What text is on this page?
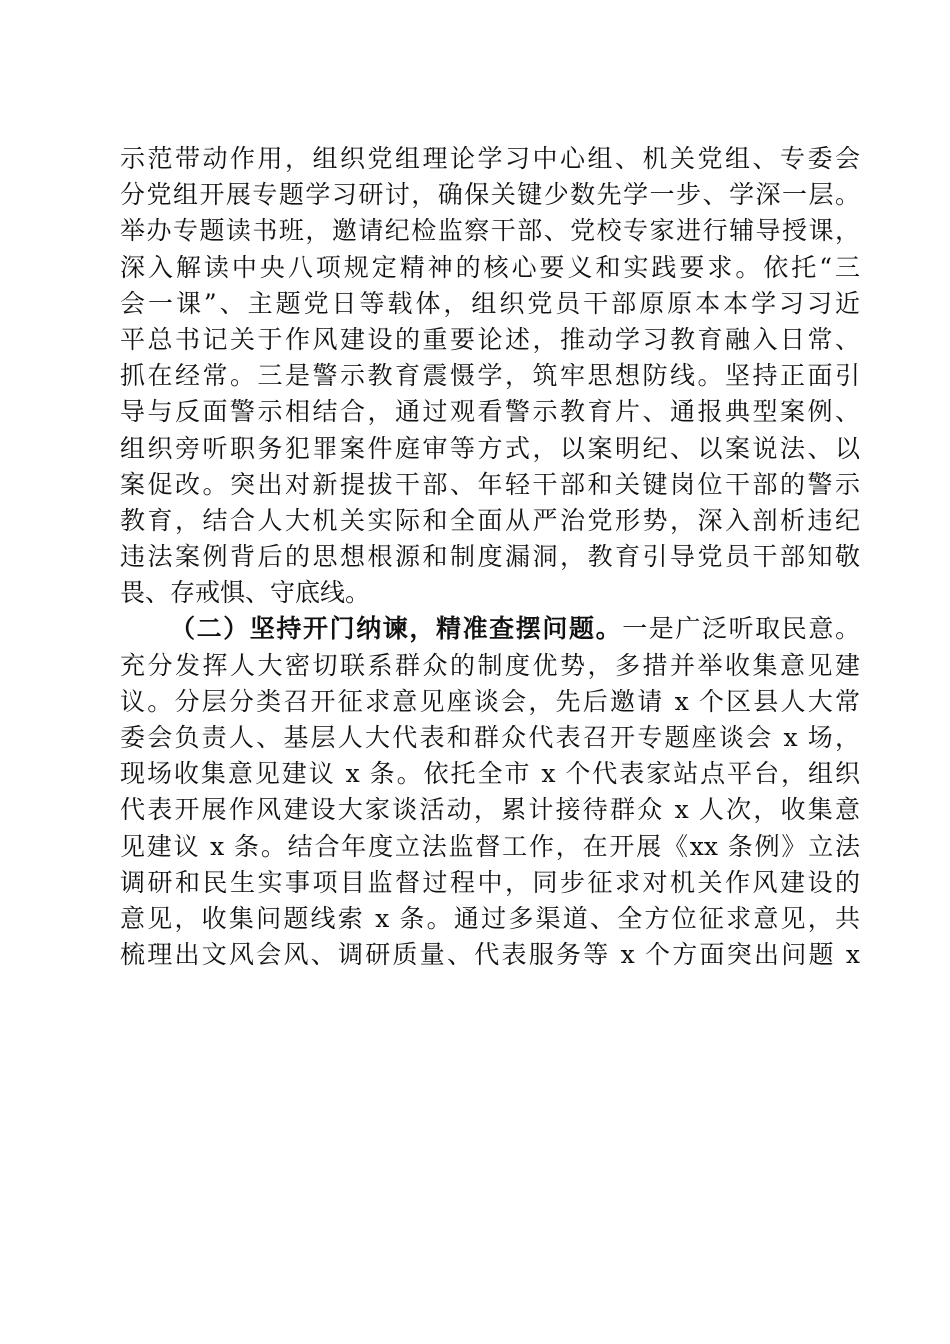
示范带动作用，组织党组理论学习中心组、机关党组、专委会
分党组开展专题学习研讨，确保关键少数先学一步、学深一层。
举办专题读书班，邀请纪检监察干部、党校专家进行辅导授课，
深入解读中央八项规定精神的核心要义和实践要求。依托“三
会一课”、主题党日等载体，组织党员干部原原本本学习习近
平总书记关于作风建设的重要论述，推动学习教育融入日常、
抓在经常。三是警示教育震慑学，筑牢思想防线。坚持正面引
导与反面警示相结合，通过观看警示教育片、通报典型案例、
组织旁听职务犯罪案件庭审等方式，以案明纪、以案说法、以
案促改。突出对新提拔干部、年轻干部和关键岗位干部的警示
教育，结合人大机关实际和全面从严治党形势，深入剖析违纪
违法案例背后的思想根源和制度漏洞，教育引导党员干部知敬
畏、存戒惧、守底线。
（二）坚持开门纳谏，精准查摆问题。一是广泛听取民意。
充分发挥人大密切联系群众的制度优势，多措并举收集意见建
议。分层分类召开征求意见座谈会，先后邀请 x 个区县人大常
委会负责人、基层人大代表和群众代表召开专题座谈会 x 场，
现场收集意见建议 x 条。依托全市 x 个代表家站点平台，组织
代表开展作风建设大家谈活动，累计接待群众 x 人次，收集意
见建议 x 条。结合年度立法监督工作，在开展《xx 条例》立法
调研和民生实事项目监督过程中，同步征求对机关作风建设的
意见，收集问题线索 x 条。通过多渠道、全方位征求意见，共
梳理出文风会风、调研质量、代表服务等 x 个方面突出问题 x
